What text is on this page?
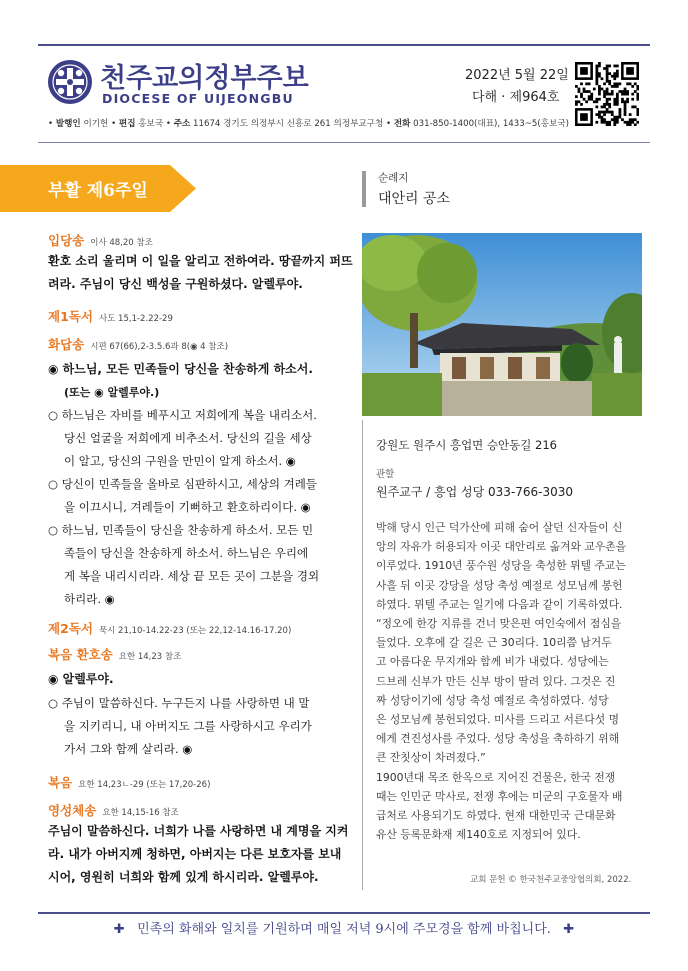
천주교의정부주보
DIOCESE OF UIJEONGBU
2022년 5월 22일
다해 · 제964호
• 발행인 이기헌 • 편집 홍보국 • 주소 11674 경기도 의정부시 신흥로 261 의정부교구청 • 전화 031-850-1400(대표), 1433~5(홍보국)
부활 제6주일
입당송 이사 48,20 참조
환호 소리 울리며 이 일을 알리고 전하여라. 땅끝까지 퍼뜨
려라. 주님이 당신 백성을 구원하셨다. 알렐루야.
제1독서 사도 15,1-2.22-29
화답송 시편 67(66),2-3.5.6과 8(◉ 4 참조)
◉ 하느님, 모든 민족들이 당신을 찬송하게 하소서.
(또는 ◉ 알렐루야.)
○ 하느님은 자비를 베푸시고 저희에게 복을 내리소서.
당신 얼굴을 저희에게 비추소서. 당신의 길을 세상
이 알고, 당신의 구원을 만민이 알게 하소서. ◉
○ 당신이 민족들을 올바로 심판하시고, 세상의 겨레들
을 이끄시니, 겨레들이 기뻐하고 환호하리이다. ◉
○ 하느님, 민족들이 당신을 찬송하게 하소서. 모든 민
족들이 당신을 찬송하게 하소서. 하느님은 우리에
게 복을 내리시리라. 세상 끝 모든 곳이 그분을 경외
하리라. ◉
제2독서 묵시 21,10-14.22-23 (또는 22,12-14.16-17.20)
복음 환호송 요한 14,23 참조
◉ 알렐루야.
○ 주님이 말씀하신다. 누구든지 나를 사랑하면 내 말
을 지키리니, 내 아버지도 그를 사랑하시고 우리가
가서 그와 함께 살리라. ◉
복음 요한 14,23ㄴ-29 (또는 17,20-26)
영성체송 요한 14,15-16 참조
주님이 말씀하신다. 너희가 나를 사랑하면 내 계명을 지켜
라. 내가 아버지께 청하면, 아버지는 다른 보호자를 보내
시어, 영원히 너희와 함께 있게 하시리라. 알렐루야.
순례지
대안리 공소
강원도 원주시 흥업면 승안동길 216
관할
원주교구 / 흥업 성당 033-766-3030
박해 당시 인근 덕가산에 피해 숨어 살던 신자들이 신
앙의 자유가 허용되자 이곳 대안리로 옮겨와 교우촌을
이루었다. 1910년 풍수원 성당을 축성한 뮈텔 주교는
사흘 뒤 이곳 강당을 성당 축성 예절로 성모님께 봉헌
하였다. 뮈텔 주교는 일기에 다음과 같이 기록하였다.
“정오에 한강 지류를 건너 맞은편 여인숙에서 점심을
들었다. 오후에 갈 길은 근 30리다. 10리쯤 남거두
고 아름다운 무지개와 함께 비가 내렸다. 성당에는
드브레 신부가 만든 신부 방이 딸려 있다. 그것은 진
짜 성당이기에 성당 축성 예절로 축성하였다. 성당
은 성모님께 봉헌되었다. 미사를 드리고 서른다섯 명
에게 견진성사를 주었다. 성당 축성을 축하하기 위해
큰 잔칫상이 차려졌다.”
1900년대 목조 한옥으로 지어진 건물은, 한국 전쟁
때는 인민군 막사로, 전쟁 후에는 미군의 구호물자 배
급처로 사용되기도 하였다. 현재 대한민국 근대문화
유산 등록문화재 제140호로 지정되어 있다.
교회 문헌 © 한국천주교중앙협의회, 2022.
✚ 민족의 화해와 일치를 기원하며 매일 저녁 9시에 주모경을 함께 바칩니다. ✚
